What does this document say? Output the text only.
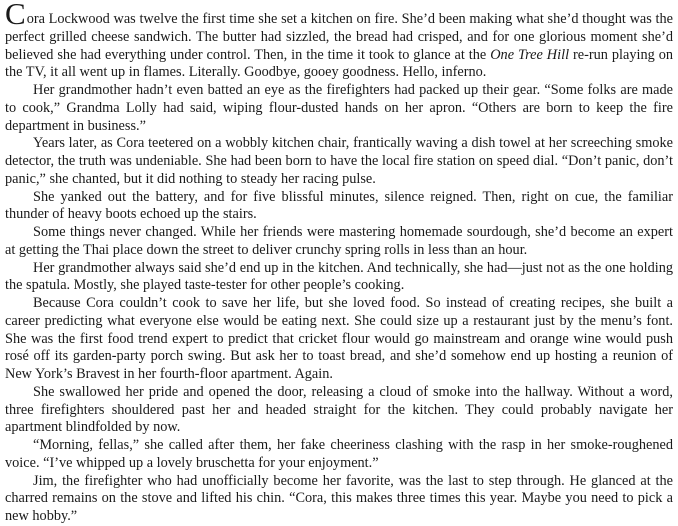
Cora Lockwood was twelve the first time she set a kitchen on fire. She’d been making what she’d thought was the perfect grilled cheese sandwich. The butter had sizzled, the bread had crisped, and for one glorious moment she’d believed she had everything under control. Then, in the time it took to glance at the One Tree Hill re-run playing on the TV, it all went up in flames. Literally. Goodbye, gooey goodness. Hello, inferno.

Her grandmother hadn’t even batted an eye as the firefighters had packed up their gear. “Some folks are made to cook,” Grandma Lolly had said, wiping flour-dusted hands on her apron. “Others are born to keep the fire department in business.”

Years later, as Cora teetered on a wobbly kitchen chair, frantically waving a dish towel at her screeching smoke detector, the truth was undeniable. She had been born to have the local fire station on speed dial. “Don’t panic, don’t panic,” she chanted, but it did nothing to steady her racing pulse.

She yanked out the battery, and for five blissful minutes, silence reigned. Then, right on cue, the familiar thunder of heavy boots echoed up the stairs.

Some things never changed. While her friends were mastering homemade sourdough, she’d become an expert at getting the Thai place down the street to deliver crunchy spring rolls in less than an hour.

Her grandmother always said she’d end up in the kitchen. And technically, she had—just not as the one holding the spatula. Mostly, she played taste-tester for other people’s cooking.

Because Cora couldn’t cook to save her life, but she loved food. So instead of creating recipes, she built a career predicting what everyone else would be eating next. She could size up a restaurant just by the menu’s font. She was the first food trend expert to predict that cricket flour would go mainstream and orange wine would push rosé off its garden-party porch swing. But ask her to toast bread, and she’d somehow end up hosting a reunion of New York’s Bravest in her fourth-floor apartment. Again.

She swallowed her pride and opened the door, releasing a cloud of smoke into the hallway. Without a word, three firefighters shouldered past her and headed straight for the kitchen. They could probably navigate her apartment blindfolded by now.

“Morning, fellas,” she called after them, her fake cheeriness clashing with the rasp in her smoke-roughened voice. “I’ve whipped up a lovely bruschetta for your enjoyment.”

Jim, the firefighter who had unofficially become her favorite, was the last to step through. He glanced at the charred remains on the stove and lifted his chin. “Cora, this makes three times this year. Maybe you need to pick a new hobby.”
